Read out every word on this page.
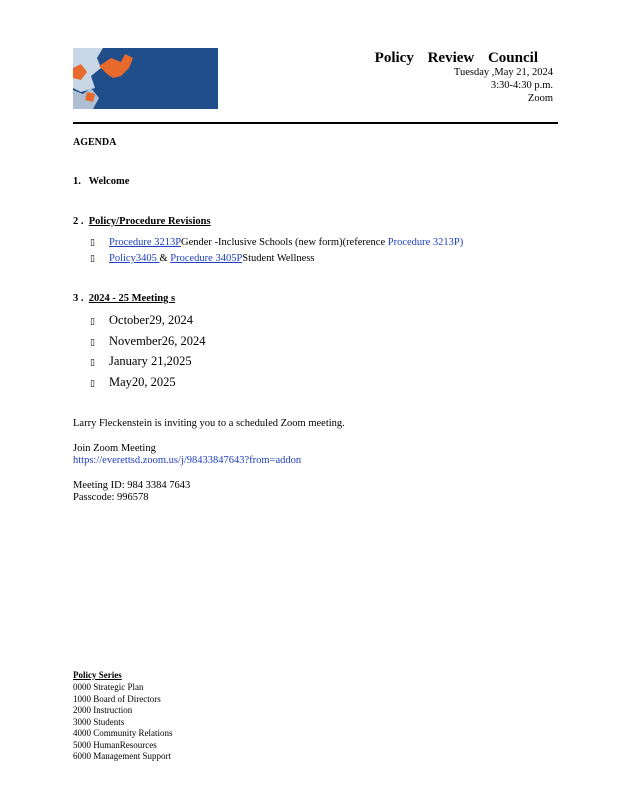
Policy Review Council
Tuesday ,May 21, 2024
3:30-4:30 p.m.
Zoom
AGENDA
1. Welcome
2 . Policy/Procedure Revisions
▯ Procedure 3213PGender -Inclusive Schools (new form)(reference Procedure 3213P)
▯ Policy3405 & Procedure 3405PStudent Wellness
3 . 2024 - 25 Meeting s
▯ October29, 2024
▯ November26, 2024
▯ January 21,2025
▯ May20, 2025
Larry Fleckenstein is inviting you to a scheduled Zoom meeting.
Join Zoom Meeting
https://everettsd.zoom.us/j/98433847643?from=addon
Meeting ID: 984 3384 7643
Passcode: 996578
Policy Series
0000 Strategic Plan
1000 Board of Directors
2000 Instruction
3000 Students
4000 Community Relations
5000 HumanResources
6000 Management Support
